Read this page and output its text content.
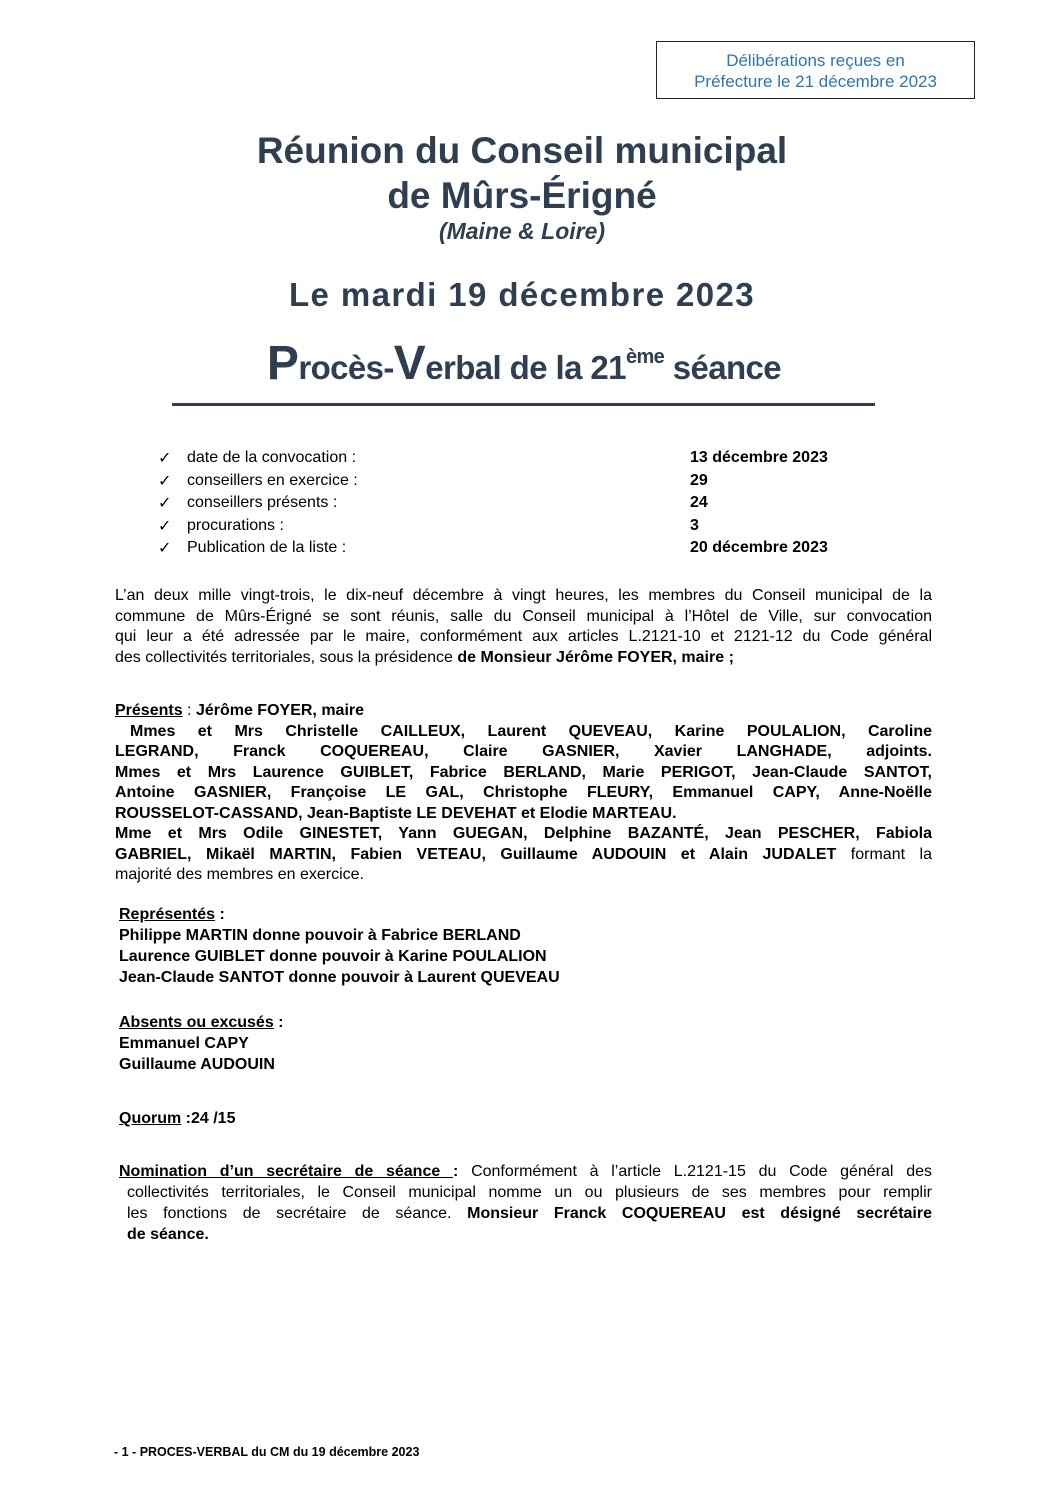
Délibérations reçues en
Préfecture le 21 décembre 2023
Réunion du Conseil municipal
de Mûrs-Érigné
(Maine & Loire)
Le mardi 19 décembre 2023
Procès-Verbal de la 21ème séance
✓ date de la convocation :	13 décembre 2023
✓ conseillers en exercice :	29
✓ conseillers présents :	24
✓ procurations :	3
✓ Publication de la liste :	20 décembre 2023
L’an deux mille vingt-trois, le dix-neuf décembre à vingt heures, les membres du Conseil municipal de la
commune de Mûrs-Érigné se sont réunis, salle du Conseil municipal à l’Hôtel de Ville, sur convocation
qui leur a été adressée par le maire, conformément aux articles L.2121-10 et 2121-12 du Code général
des collectivités territoriales, sous la présidence de Monsieur Jérôme FOYER, maire ;
Présents : Jérôme FOYER, maire
Mmes et Mrs Christelle CAILLEUX, Laurent QUEVEAU, Karine POULALION, Caroline
LEGRAND, Franck COQUEREAU, Claire GASNIER, Xavier LANGHADE, adjoints.
Mmes et Mrs Laurence GUIBLET, Fabrice BERLAND, Marie PERIGOT, Jean-Claude SANTOT,
Antoine GASNIER, Françoise LE GAL, Christophe FLEURY, Emmanuel CAPY, Anne-Noëlle
ROUSSELOT-CASSAND, Jean-Baptiste LE DEVEHAT et Elodie MARTEAU.
Mme et Mrs Odile GINESTET, Yann GUEGAN, Delphine BAZANTÉ, Jean PESCHER, Fabiola
GABRIEL, Mikaël MARTIN, Fabien VETEAU, Guillaume AUDOUIN et Alain JUDALET formant la
majorité des membres en exercice.
Représentés :
Philippe MARTIN donne pouvoir à Fabrice BERLAND
Laurence GUIBLET donne pouvoir à Karine POULALION
Jean-Claude SANTOT donne pouvoir à Laurent QUEVEAU
Absents ou excusés :
Emmanuel CAPY
Guillaume AUDOUIN
Quorum :24 /15
Nomination d’un secrétaire de séance : Conformément à l’article L.2121-15 du Code général des
collectivités territoriales, le Conseil municipal nomme un ou plusieurs de ses membres pour remplir
les fonctions de secrétaire de séance. Monsieur Franck COQUEREAU est désigné secrétaire
de séance.
- 1 - PROCES-VERBAL du CM du 19 décembre 2023
